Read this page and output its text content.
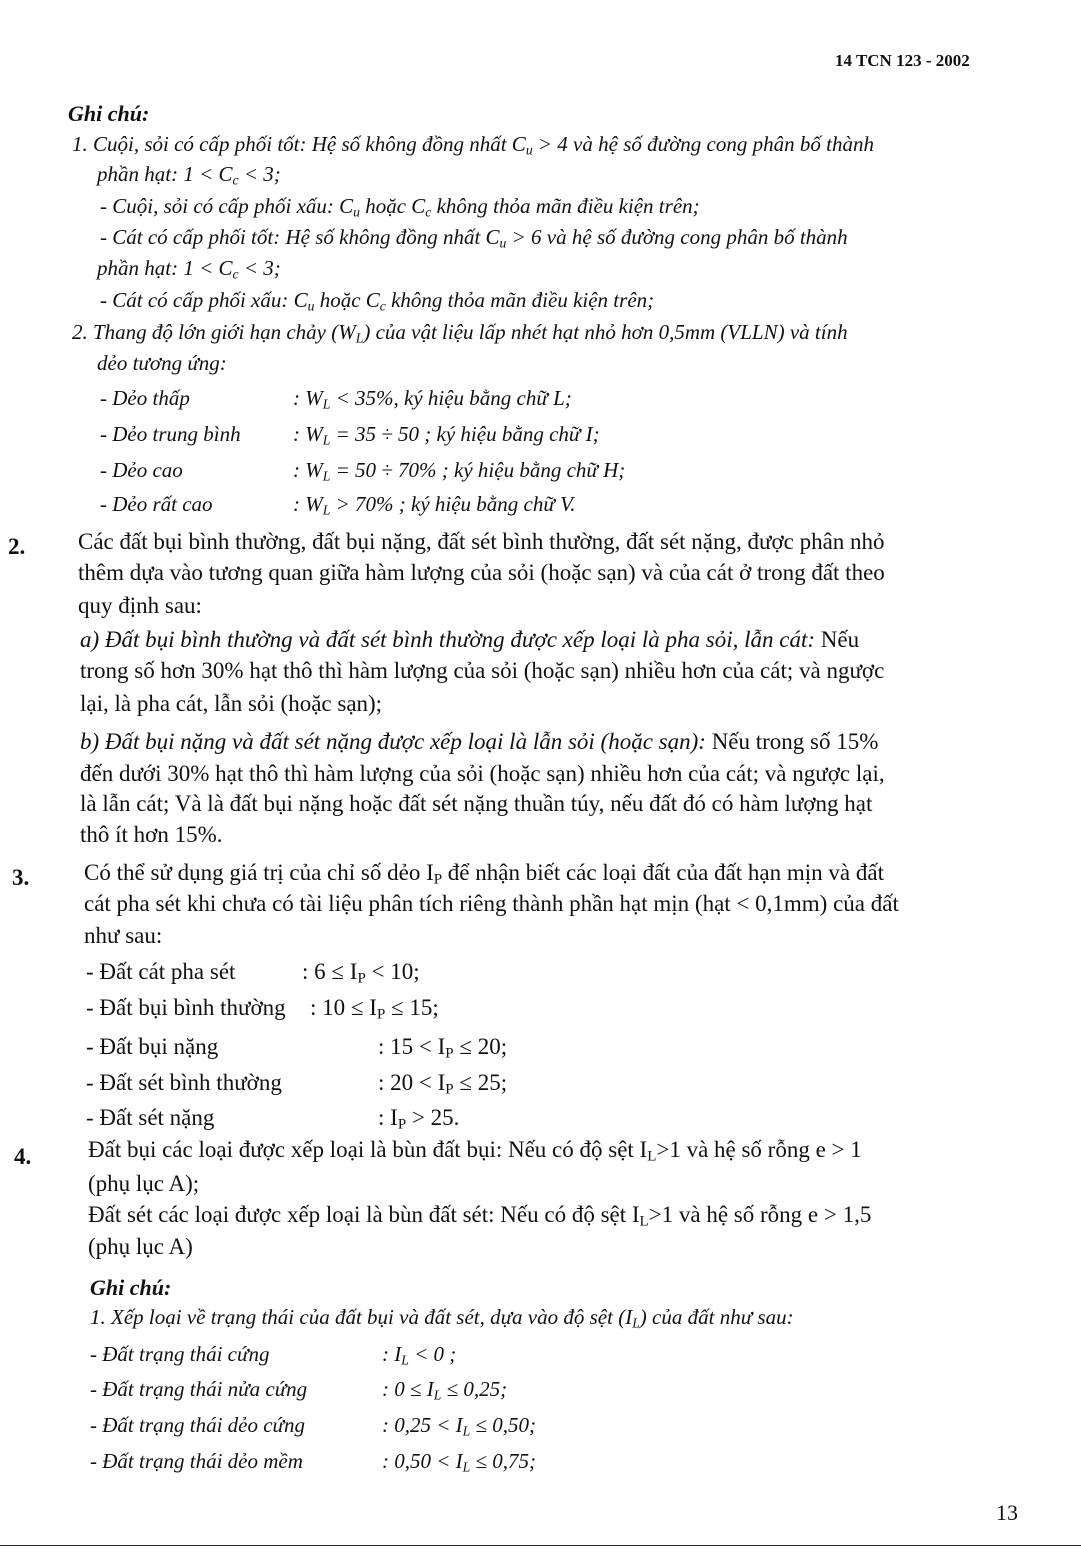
14 TCN 123 - 2002
Ghi chú:
1. Cuội, sỏi có cấp phối tốt: Hệ số không đồng nhất $C_u > 4$ và hệ số đường cong phân bố thành
phần hạt: $1 < C_c < 3$;
- Cuội, sỏi có cấp phối xấu: $C_u$ hoặc $C_c$ không thỏa mãn điều kiện trên;
- Cát có cấp phối tốt: Hệ số không đồng nhất $C_u > 6$ và hệ số đường cong phân bố thành
phần hạt: $1 < C_c < 3$;
- Cát có cấp phối xấu: $C_u$ hoặc $C_c$ không thỏa mãn điều kiện trên;
2. Thang độ lớn giới hạn chảy $(W_L)$ của vật liệu lấp nhét hạt nhỏ hơn 0,5mm (VLLN) và tính
dẻo tương ứng:
- Dẻo thấp	: $W_L < 35\%$, ký hiệu bằng chữ L;
- Dẻo trung bình : $W_L = 35 \div 50$ ; ký hiệu bằng chữ I;
- Dẻo cao	: $W_L = 50 \div 70\%$ ; ký hiệu bằng chữ H;
- Dẻo rất cao	: $W_L > 70\%$ ; ký hiệu bằng chữ V.
2. Các đất bụi bình thường, đất bụi nặng, đất sét bình thường, đất sét nặng, được phân nhỏ
thêm dựa vào tương quan giữa hàm lượng của sỏi (hoặc sạn) và của cát ở trong đất theo
quy định sau:
a) Đất bụi bình thường và đất sét bình thường được xếp loại là pha sỏi, lẫn cát: Nếu
trong số hơn 30% hạt thô thì hàm lượng của sỏi (hoặc sạn) nhiều hơn của cát; và ngược
lại, là pha cát, lẫn sỏi (hoặc sạn);
b) Đất bụi nặng và đất sét nặng được xếp loại là lẫn sỏi (hoặc sạn): Nếu trong số 15%
đến dưới 30% hạt thô thì hàm lượng của sỏi (hoặc sạn) nhiều hơn của cát; và ngược lại,
là lẫn cát; Và là đất bụi nặng hoặc đất sét nặng thuần túy, nếu đất đó có hàm lượng hạt
thô ít hơn 15%.
3. Có thể sử dụng giá trị của chỉ số dẻo $I_P$ để nhận biết các loại đất của đất hạn mịn và đất
cát pha sét khi chưa có tài liệu phân tích riêng thành phần hạt mịn (hạt < 0,1mm) của đất
như sau:
- Đất cát pha sét	: $6 \le I_P < 10$;
- Đất bụi bình thường : $10 \le I_P \le 15$;
- Đất bụi nặng	: $15 < I_P \le 20$;
- Đất sét bình thường	: $20 < I_P \le 25$;
- Đất sét nặng	: $I_P > 25$.
4. Đất bụi các loại được xếp loại là bùn đất bụi: Nếu có độ sệt $I_L>1$ và hệ số rỗng e > 1
(phụ lục A);
Đất sét các loại được xếp loại là bùn đất sét: Nếu có độ sệt $I_L>1$ và hệ số rỗng e > 1,5
(phụ lục A)
Ghi chú:
1. Xếp loại về trạng thái của đất bụi và đất sét, dựa vào độ sệt $(I_L)$ của đất như sau:
- Đất trạng thái cứng	: $I_L < 0$ ;
- Đất trạng thái nửa cứng	: $0 \le I_L \le 0,25$;
- Đất trạng thái dẻo cứng	: $0,25 < I_L \le 0,50$;
- Đất trạng thái dẻo mềm	: $0,50 < I_L \le 0,75$;
13
